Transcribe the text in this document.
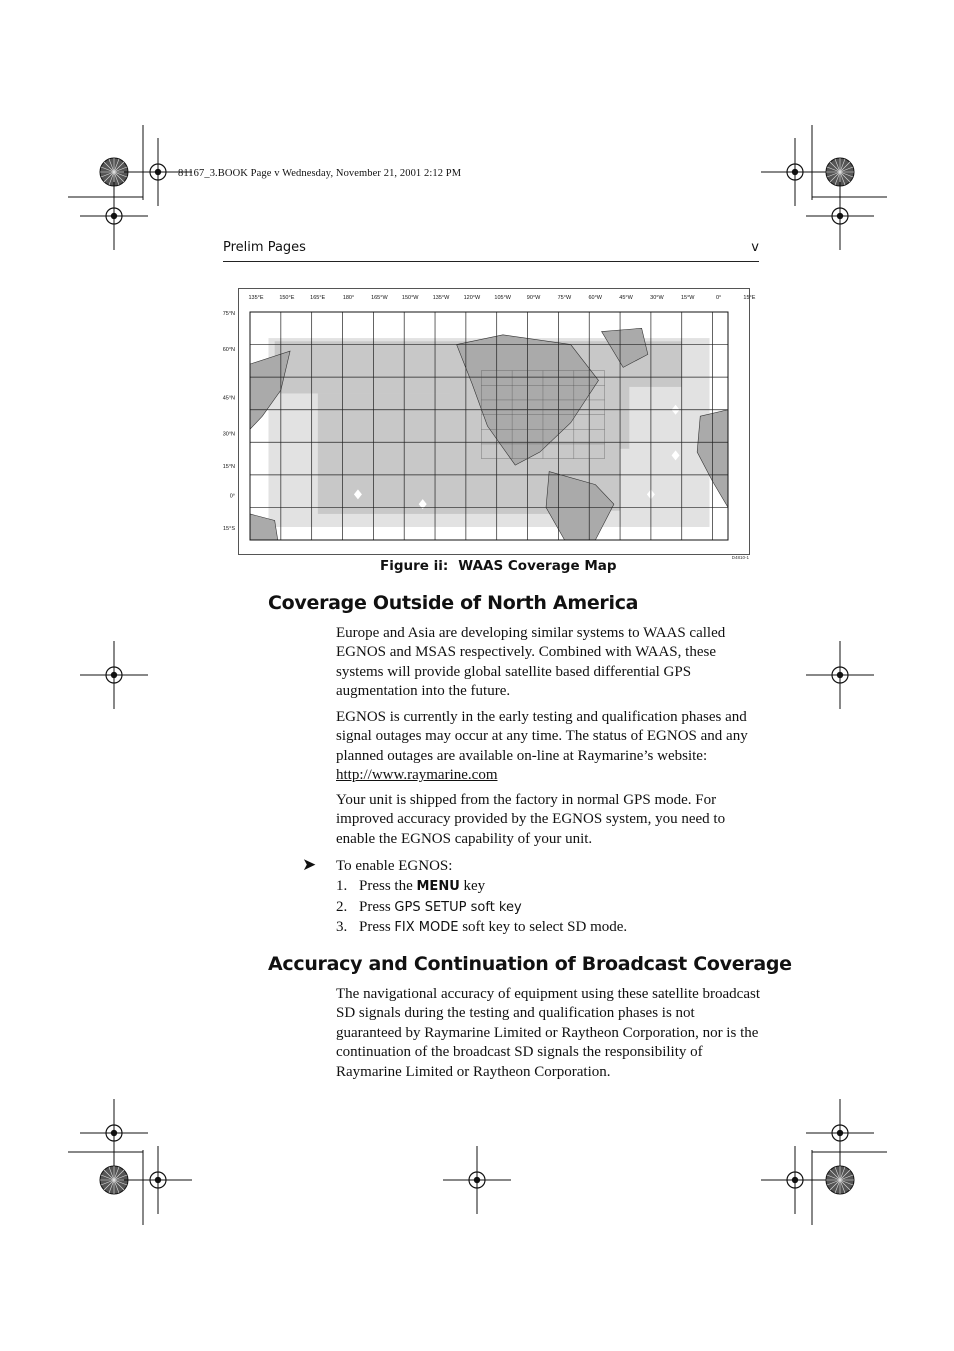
81167_3.BOOK Page v Wednesday, November 21, 2001 2:12 PM
Prelim Pages	v
135°E	150°E	165°E	180°	165°W	150°W	135°W	120°W	105°W	90°W	75°W	60°W	45°W	30°W	15°W	0°	15°E
75°N
60°N
45°N
30°N
15°N
0°
15°S
D4810-1
Figure ii: WAAS Coverage Map
Coverage Outside of North America

Europe and Asia are developing similar systems to WAAS called EGNOS and MSAS respectively. Combined with WAAS, these systems will provide global satellite based differential GPS augmentation into the future.

EGNOS is currently in the early testing and qualification phases and signal outages may occur at any time. The status of EGNOS and any planned outages are available on-line at Raymarine’s website:
http://www.raymarine.com

Your unit is shipped from the factory in normal GPS mode. For improved accuracy provided by the EGNOS system, you need to enable the EGNOS capability of your unit.

➤ To enable EGNOS:
1. Press the MENU key
2. Press GPS SETUP soft key
3. Press FIX MODE soft key to select SD mode.
Accuracy and Continuation of Broadcast Coverage

The navigational accuracy of equipment using these satellite broadcast SD signals during the testing and qualification phases is not guaranteed by Raymarine Limited or Raytheon Corporation, nor is the continuation of the broadcast SD signals the responsibility of Raymarine Limited or Raytheon Corporation.
